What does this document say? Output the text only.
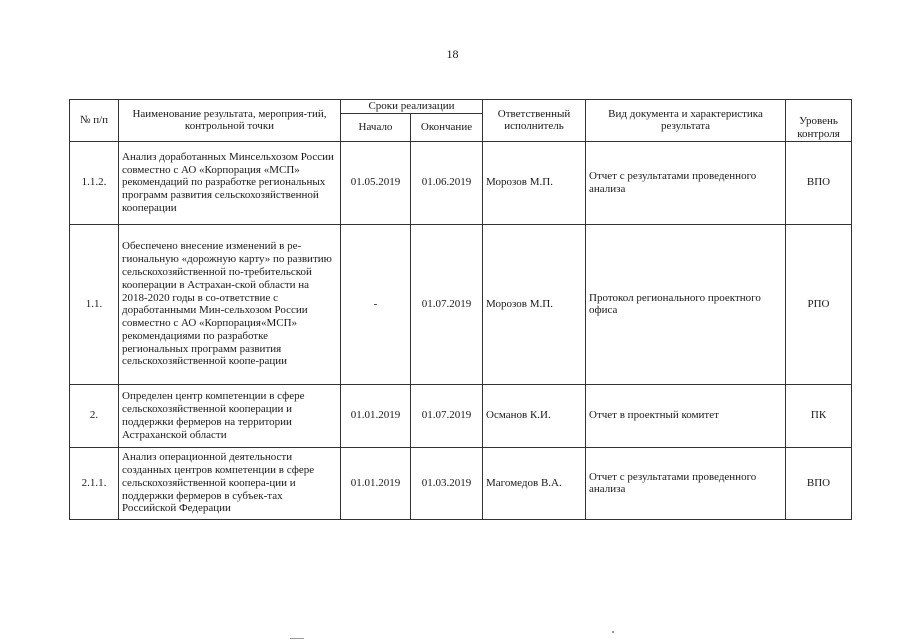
18
№ п/п	Наименование результата, мероприя-тий, контрольной точки	Сроки реализации		Ответственный исполнитель	Вид документа и характеристика результата	Уровень контроля
		Начало	Окончание			
1.1.2.	Анализ доработанных Минсельхозом России совместно с АО «Корпорация «МСП» рекомендаций по разработке региональных программ развития сельскохозяйственной кооперации	01.05.2019	01.06.2019	Морозов М.П.	Отчет с результатами проведенного анализа	ВПО
1.1.	Обеспечено внесение изменений в ре-гиональную «дорожную карту» по развитию сельскохозяйственной по-требительской кооперации в Астрахан-ской области на 2018-2020 годы в со-ответствие с доработанными Мин-сельхозом России совместно с АО «Корпорация«МСП» рекомендациями по разработке региональных программ развития сельскохозяйственной коопе-рации	-	01.07.2019	Морозов М.П.	Протокол регионального проектного офиса	РПО
2.	Определен центр компетенции в сфере сельскохозяйственной кооперации и поддержки фермеров на территории Астраханской области	01.01.2019	01.07.2019	Османов К.И.	Отчет в проектный комитет	ПК
2.1.1.	Анализ операционной деятельности созданных центров компетенции в сфере сельскохозяйственной коопера-ции и поддержки фермеров в субъек-тах Российской Федерации	01.01.2019	01.03.2019	Магомедов В.А.	Отчет с результатами проведенного анализа	ВПО
